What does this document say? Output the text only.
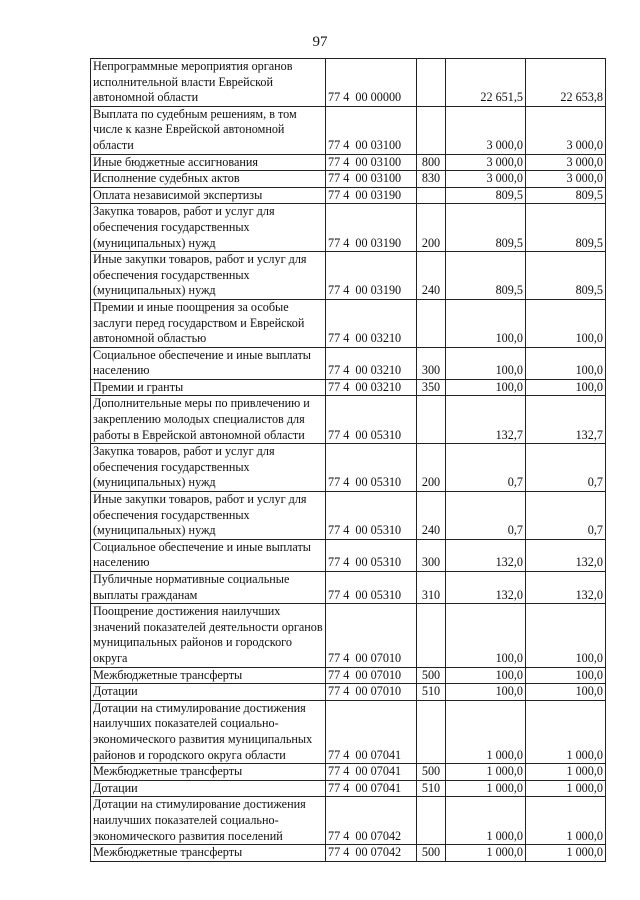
97
Непрограммные мероприятия органов исполнительной власти Еврейской автономной области	77 4  00 00000		22 651,5	22 653,8
Выплата по судебным решениям, в том числе к казне Еврейской автономной области	77 4  00 03100		3 000,0	3 000,0
Иные бюджетные ассигнования	77 4  00 03100	800	3 000,0	3 000,0
Исполнение судебных актов	77 4  00 03100	830	3 000,0	3 000,0
Оплата независимой экспертизы	77 4  00 03190		809,5	809,5
Закупка товаров, работ и услуг для обеспечения государственных (муниципальных) нужд	77 4  00 03190	200	809,5	809,5
Иные закупки товаров, работ и услуг для обеспечения государственных (муниципальных) нужд	77 4  00 03190	240	809,5	809,5
Премии и иные поощрения за особые заслуги перед государством и Еврейской автономной областью	77 4  00 03210		100,0	100,0
Социальное обеспечение и иные выплаты населению	77 4  00 03210	300	100,0	100,0
Премии и гранты	77 4  00 03210	350	100,0	100,0
Дополнительные меры по привлечению и закреплению молодых специалистов для работы в Еврейской автономной области	77 4  00 05310		132,7	132,7
Закупка товаров, работ и услуг для обеспечения государственных (муниципальных) нужд	77 4  00 05310	200	0,7	0,7
Иные закупки товаров, работ и услуг для обеспечения государственных (муниципальных) нужд	77 4  00 05310	240	0,7	0,7
Социальное обеспечение и иные выплаты населению	77 4  00 05310	300	132,0	132,0
Публичные нормативные социальные выплаты гражданам	77 4  00 05310	310	132,0	132,0
Поощрение достижения наилучших значений показателей деятельности органов муниципальных районов и городского округа	77 4  00 07010		100,0	100,0
Межбюджетные трансферты	77 4  00 07010	500	100,0	100,0
Дотации	77 4  00 07010	510	100,0	100,0
Дотации на стимулирование достижения наилучших показателей социально-экономического развития муниципальных районов и городского округа области	77 4  00 07041		1 000,0	1 000,0
Межбюджетные трансферты	77 4  00 07041	500	1 000,0	1 000,0
Дотации	77 4  00 07041	510	1 000,0	1 000,0
Дотации на стимулирование достижения наилучших показателей социально-экономического развития поселений	77 4  00 07042		1 000,0	1 000,0
Межбюджетные трансферты	77 4  00 07042	500	1 000,0	1 000,0
